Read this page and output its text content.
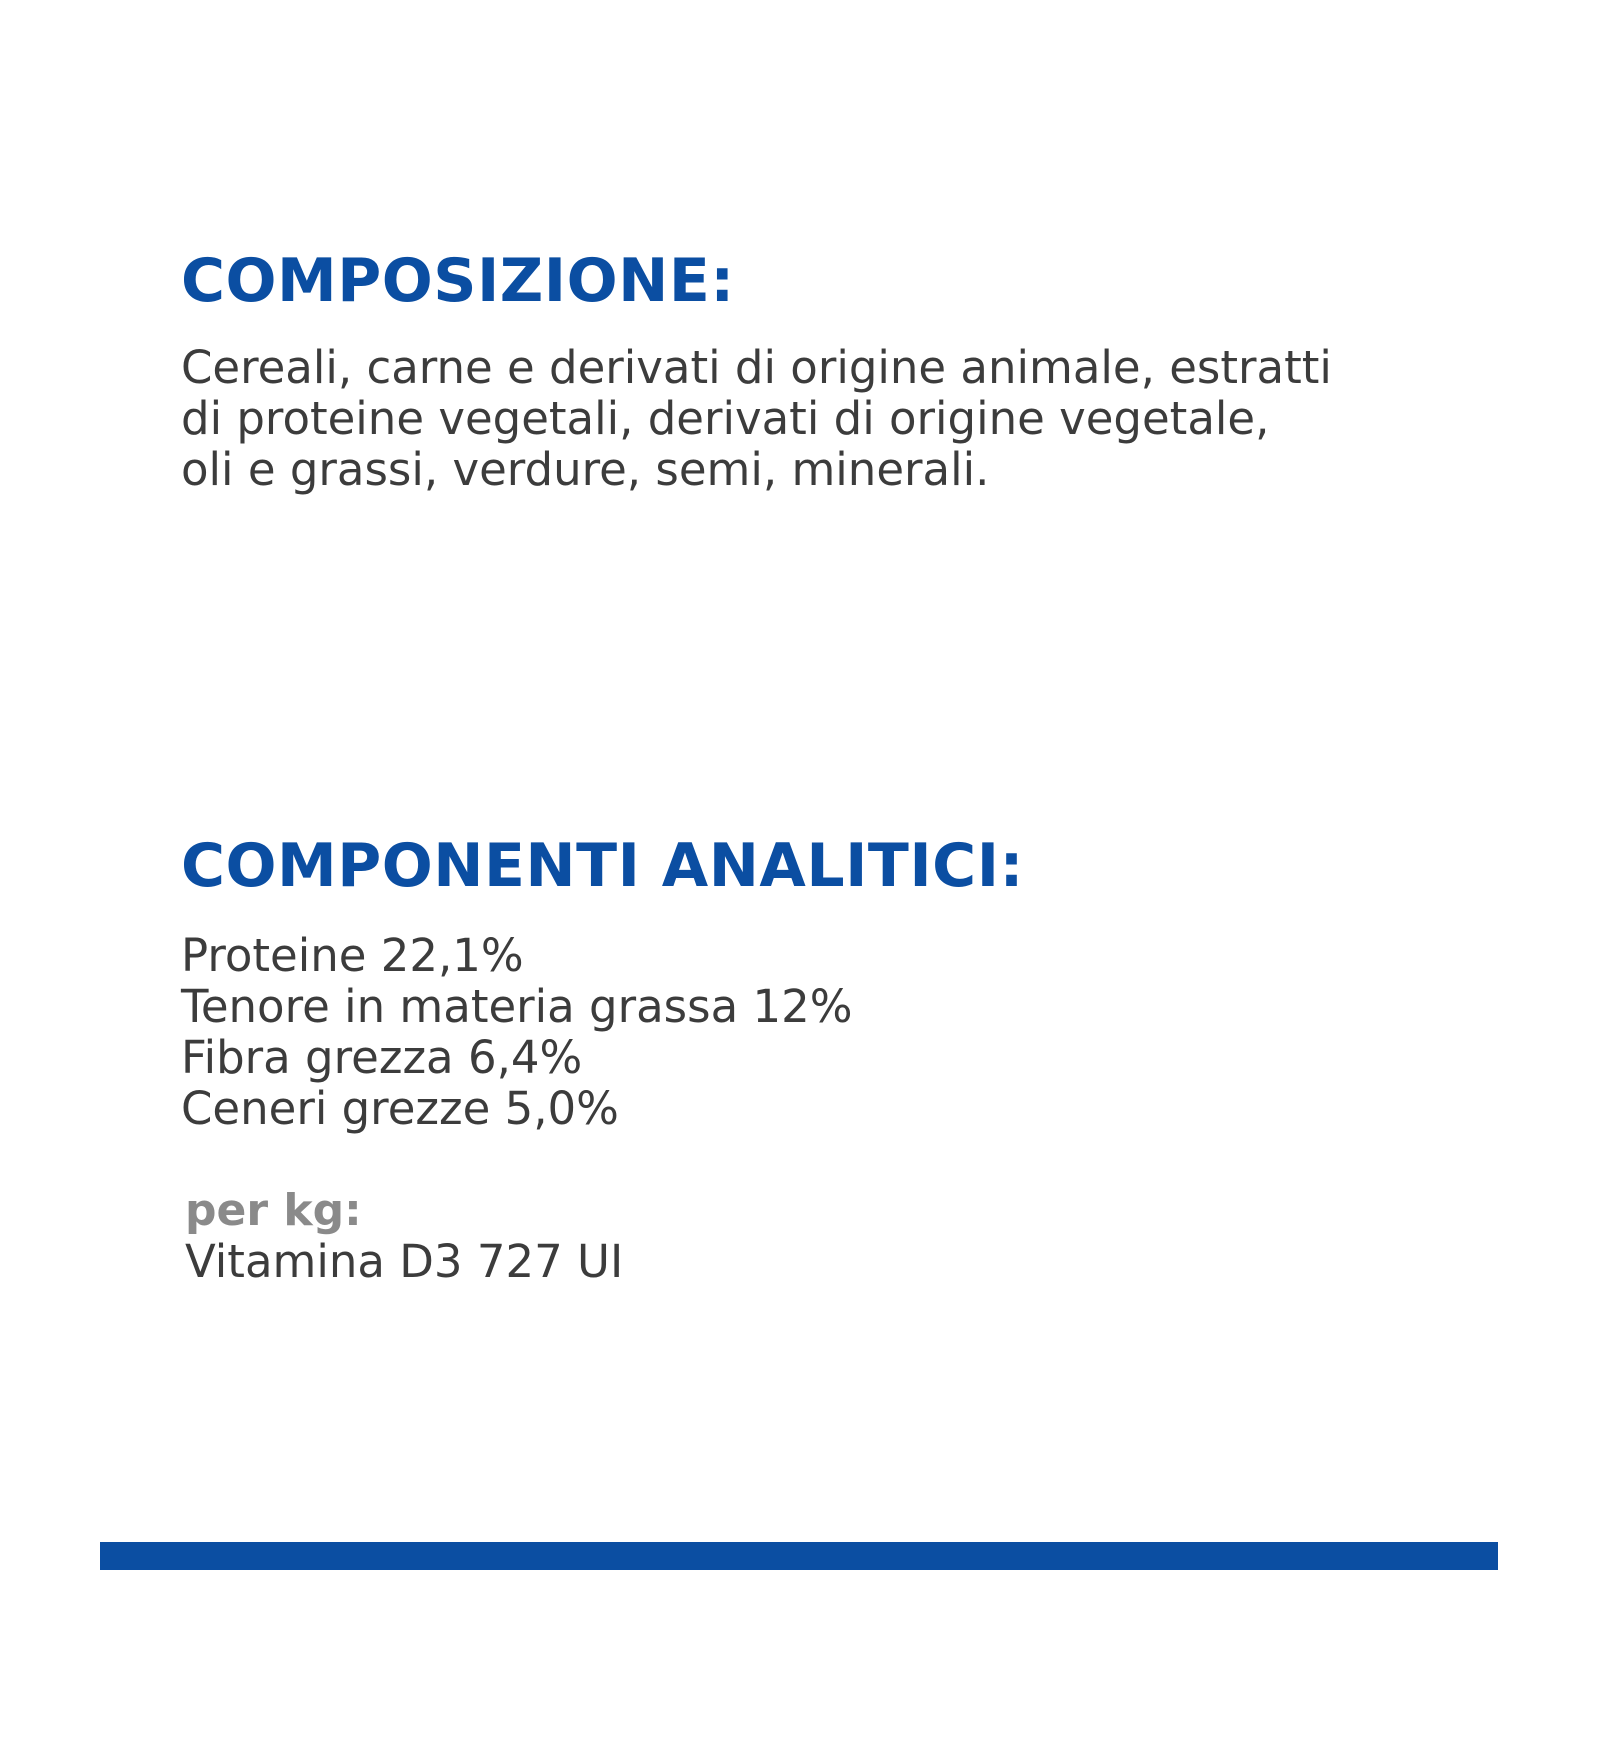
COMPOSIZIONE:

Cereali, carne e derivati di origine animale, estratti
di proteine vegetali, derivati di origine vegetale,
oli e grassi, verdure, semi, minerali.

COMPONENTI ANALITICI:
Proteine 22,1%
Tenore in materia grassa 12%
Fibra grezza 6,4%
Ceneri grezze 5,0%

per kg:

Vitamina D3 727 UI
